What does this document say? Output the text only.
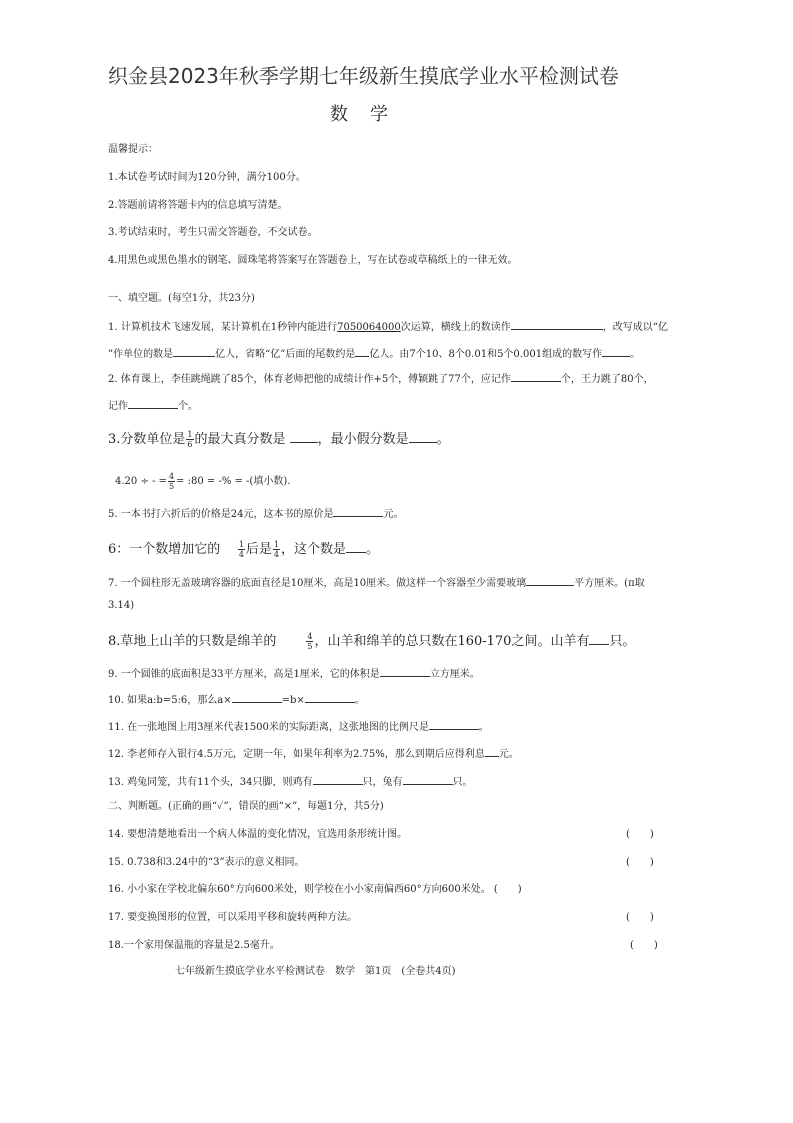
织金县2023年秋季学期七年级新生摸底学业水平检测试卷
数学
温馨提示：
1.本试卷考试时间为120分钟，满分100分。
2.答题前请将答题卡内的信息填写清楚。
3.考试结束时，考生只需交答题卷，不交试卷。
4.用黑色或黑色墨水的钢笔、圆珠笔将答案写在答题卷上，写在试卷或草稿纸上的一律无效。
一、填空题。(每空1分，共23分)
1. 计算机技术飞速发展，某计算机在1秒钟内能进行7050064000次运算，横线上的数读作	，改写成以“亿
”作单位的数是	亿人，省略“亿”后面的尾数约是 亿人。由7个10、8个0.01和5个0.001组成的数写作	。
2. 体育课上，李佳跳绳跳了85个，体育老师把他的成绩计作+5个，傅颖跳了77个，应记作	个，王力跳了80个，
记作	个。
3.分数单位是 $\frac{1}{6}$ 的最大真分数是 ，最小假分数是 。
4.20 ÷ - = $\frac{4}{5}$ = :80 = -% = -(填小数).
5. 一本书打六折后的价格是24元，这本书的原价是	元。
6：一个数增加它的 $\frac{1}{4}$ 后是 $\frac{1}{4}$ ，这个数是 。
7. 一个圆柱形无盖玻璃容器的底面直径是10厘米，高是10厘米。做这样一个容器至少需要玻璃	平方厘米。(π取
3.14)
8.草地上山羊的只数是绵羊的	$\frac{4}{5}$ ，山羊和绵羊的总只数在160-170之间。山羊有 只。
9. 一个圆锥的底面积是33平方厘米，高是1厘米，它的体积是	立方厘米。
10. 如果a:b=5:6，那么a×	=b×	。
11. 在一张地图上用3厘米代表1500米的实际距离，这张地图的比例尺是	。
12. 李老师存入银行4.5万元，定期一年，如果年利率为2.75%，那么到期后应得利息 元。
13. 鸡兔同笼，共有11个头，34只脚，则鸡有	只，兔有	只。
二、判断题。(正确的画“✓”，错误的画“×”，每题1分，共5分)
14. 要想清楚地看出一个病人体温的变化情况，宜选用条形统计图。	(　　)
15. 0.738和3.24中的“3”表示的意义相同。	(　　)
16. 小小家在学校北偏东60°方向600米处，则学校在小小家南偏西60°方向600米处。 (　　)
17. 要变换图形的位置，可以采用平移和旋转两种方法。	(　　)
18.一个家用保温瓶的容量是2.5毫升。	(　　)
七年级新生摸底学业水平检测试卷　数学　第1页　(全卷共4页)
